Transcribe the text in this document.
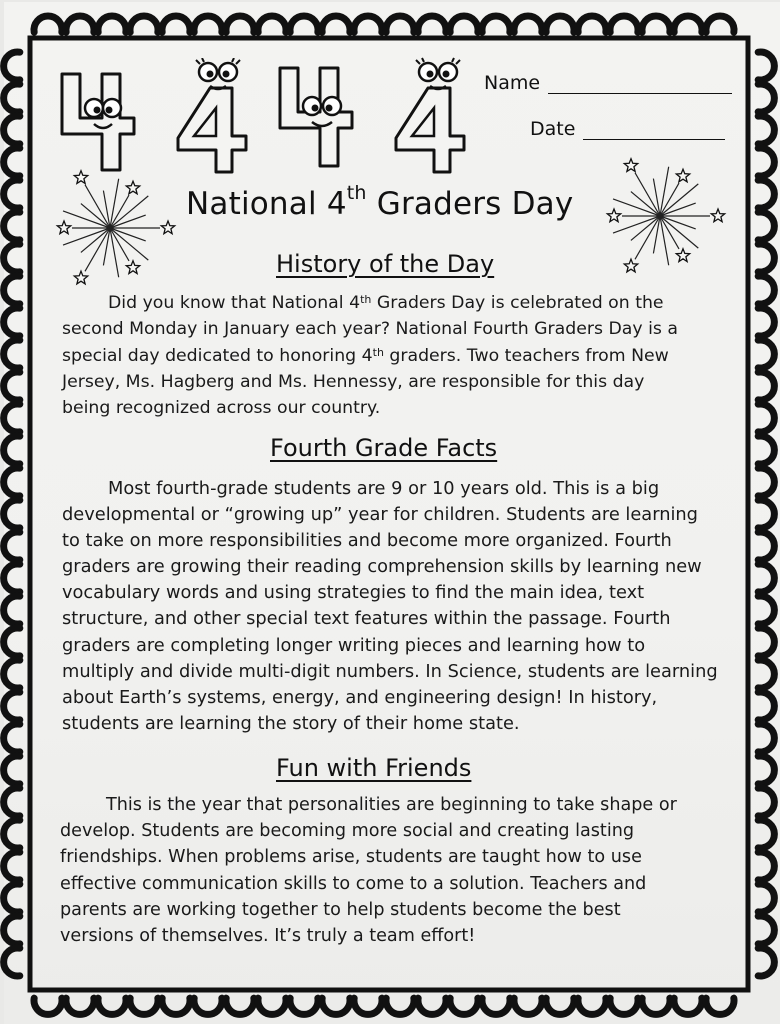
Name
Date
National 4th Graders Day
History of the Day

Did you know that National 4th Graders Day is celebrated on the
second Monday in January each year? National Fourth Graders Day is a
special day dedicated to honoring 4th graders. Two teachers from New
Jersey, Ms. Hagberg and Ms. Hennessy, are responsible for this day
being recognized across our country.

Fourth Grade Facts

Most fourth-grade students are 9 or 10 years old. This is a big
developmental or “growing up” year for children. Students are learning
to take on more responsibilities and become more organized. Fourth
graders are growing their reading comprehension skills by learning new
vocabulary words and using strategies to find the main idea, text
structure, and other special text features within the passage. Fourth
graders are completing longer writing pieces and learning how to
multiply and divide multi-digit numbers. In Science, students are learning
about Earth’s systems, energy, and engineering design! In history,
students are learning the story of their home state.

Fun with Friends

This is the year that personalities are beginning to take shape or
develop. Students are becoming more social and creating lasting
friendships. When problems arise, students are taught how to use
effective communication skills to come to a solution. Teachers and
parents are working together to help students become the best
versions of themselves. It’s truly a team effort!
